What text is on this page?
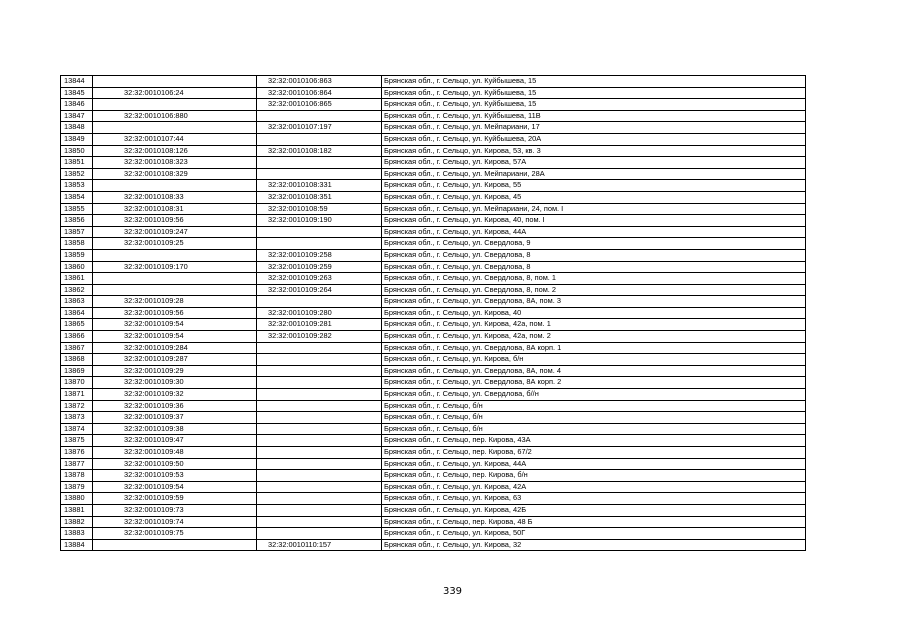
13844		32:32:0010106:863	Брянская обл., г. Сельцо, ул. Куйбышева, 15
13845	32:32:0010106:24	32:32:0010106:864	Брянская обл., г. Сельцо, ул. Куйбышева, 15
13846		32:32:0010106:865	Брянская обл., г. Сельцо, ул. Куйбышева, 15
13847	32:32:0010106:880		Брянская обл., г. Сельцо, ул. Куйбышева, 11В
13848		32:32:0010107:197	Брянская обл., г. Сельцо, ул. Мейпариани, 17
13849	32:32:0010107:44		Брянская обл., г. Сельцо, ул. Куйбышева, 20А
13850	32:32:0010108:126	32:32:0010108:182	Брянская обл., г. Сельцо, ул. Кирова, 53, кв. 3
13851	32:32:0010108:323		Брянская обл., г. Сельцо, ул. Кирова, 57А
13852	32:32:0010108:329		Брянская обл., г. Сельцо, ул. Мейпариани, 28А
13853		32:32:0010108:331	Брянская обл., г. Сельцо, ул. Кирова, 55
13854	32:32:0010108:33	32:32:0010108:351	Брянская обл., г. Сельцо, ул. Кирова, 45
13855	32:32:0010108:31	32:32:0010108:59	Брянская обл., г. Сельцо, ул. Мейпариани, 24, пом. I
13856	32:32:0010109:56	32:32:0010109:190	Брянская обл., г. Сельцо, ул. Кирова, 40, пом. I
13857	32:32:0010109:247		Брянская обл., г. Сельцо, ул. Кирова, 44А
13858	32:32:0010109:25		Брянская обл., г. Сельцо, ул. Свердлова, 9
13859		32:32:0010109:258	Брянская обл., г. Сельцо, ул. Свердлова, 8
13860	32:32:0010109:170	32:32:0010109:259	Брянская обл., г. Сельцо, ул. Свердлова, 8
13861		32:32:0010109:263	Брянская обл., г. Сельцо, ул. Свердлова, 8, пом. 1
13862		32:32:0010109:264	Брянская обл., г. Сельцо, ул. Свердлова, 8, пом. 2
13863	32:32:0010109:28		Брянская обл., г. Сельцо, ул. Свердлова, 8А, пом. 3
13864	32:32:0010109:56	32:32:0010109:280	Брянская обл., г. Сельцо, ул. Кирова, 40
13865	32:32:0010109:54	32:32:0010109:281	Брянская обл., г. Сельцо, ул. Кирова, 42а, пом. 1
13866	32:32:0010109:54	32:32:0010109:282	Брянская обл., г. Сельцо, ул. Кирова, 42а, пом. 2
13867	32:32:0010109:284		Брянская обл., г. Сельцо, ул. Свердлова, 8А корп. 1
13868	32:32:0010109:287		Брянская обл., г. Сельцо, ул. Кирова, б/н
13869	32:32:0010109:29		Брянская обл., г. Сельцо, ул. Свердлова, 8А, пом. 4
13870	32:32:0010109:30		Брянская обл., г. Сельцо, ул. Свердлова, 8А корп. 2
13871	32:32:0010109:32		Брянская обл., г. Сельцо, ул. Свердлова, б//н
13872	32:32:0010109:36		Брянская обл., г. Сельцо, б/н
13873	32:32:0010109:37		Брянская обл., г. Сельцо, б/н
13874	32:32:0010109:38		Брянская обл., г. Сельцо, б/н
13875	32:32:0010109:47		Брянская обл., г. Сельцо, пер. Кирова, 43А
13876	32:32:0010109:48		Брянская обл., г. Сельцо, пер. Кирова, 67/2
13877	32:32:0010109:50		Брянская обл., г. Сельцо, ул. Кирова, 44А
13878	32:32:0010109:53		Брянская обл., г. Сельцо, пер. Кирова, б/н
13879	32:32:0010109:54		Брянская обл., г. Сельцо, ул. Кирова, 42А
13880	32:32:0010109:59		Брянская обл., г. Сельцо, ул. Кирова, 63
13881	32:32:0010109:73		Брянская обл., г. Сельцо, ул. Кирова, 42Б
13882	32:32:0010109:74		Брянская обл., г. Сельцо, пер. Кирова, 48 Б
13883	32:32:0010109:75		Брянская обл., г. Сельцо, ул. Кирова, 50Г
13884		32:32:0010110:157	Брянская обл., г. Сельцо, ул. Кирова, 32
339
